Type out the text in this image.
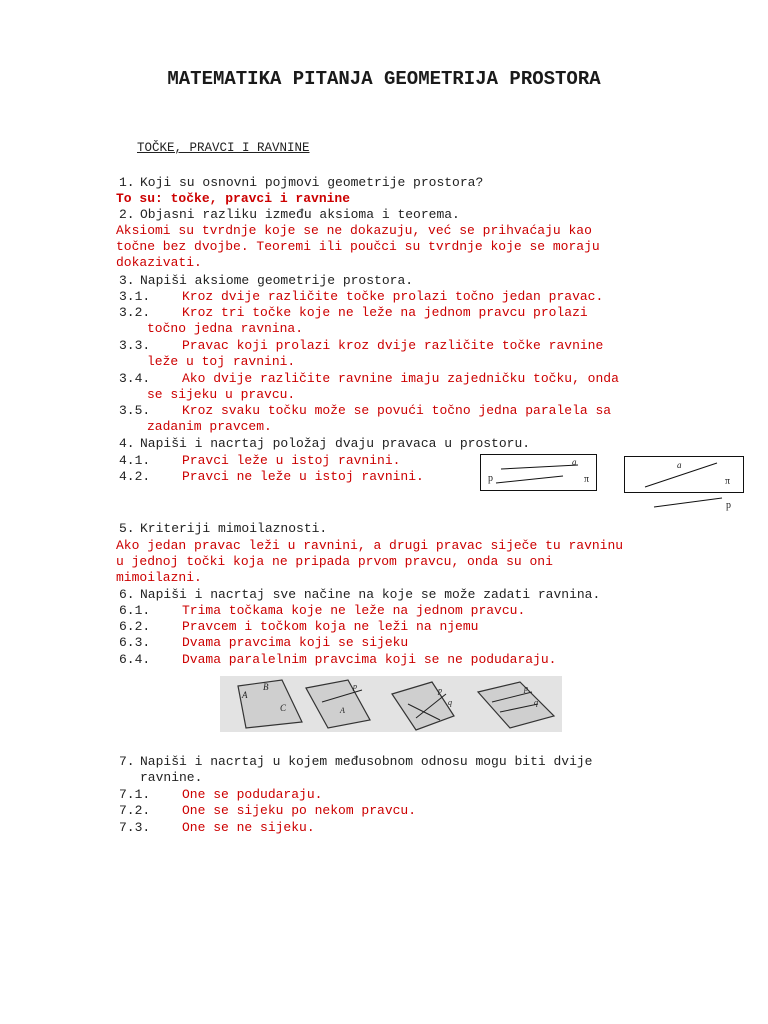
MATEMATIKA PITANJA GEOMETRIJA PROSTORA
TOČKE, PRAVCI I RAVNINE
1. Koji su osnovni pojmovi geometrije prostora?
To su: točke, pravci i ravnine
2. Objasni razliku između aksioma i teorema.
Aksiomi su tvrdnje koje se ne dokazuju, već se prihvaćaju kao
točne bez dvojbe. Teoremi ili poučci su tvrdnje koje se moraju
dokazivati.
3. Napiši aksiome geometrije prostora.
3.1. Kroz dvije različite točke prolazi točno jedan pravac.
3.2. Kroz tri točke koje ne leže na jednom pravcu prolazi
točno jedna ravnina.
3.3. Pravac koji prolazi kroz dvije različite točke ravnine
leže u toj ravnini.
3.4. Ako dvije različite ravnine imaju zajedničku točku, onda
se sijeku u pravcu.
3.5. Kroz svaku točku može se povući točno jedna paralela sa
zadanim pravcem.
4. Napiši i nacrtaj položaj dvaju pravaca u prostoru.
4.1. Pravci leže u istoj ravnini.
4.2. Pravci ne leže u istoj ravnini.
a
p	π
a
π
p
5. Kriteriji mimoilaznosti.
Ako jedan pravac leži u ravnini, a drugi pravac siječe tu ravninu
u jednoj točki koja ne pripada prvom pravcu, onda su oni
mimoilazni.
6. Napiši i nacrtaj sve načine na koje se može zadati ravnina.
6.1. Trima točkama koje ne leže na jednom pravcu.
6.2. Pravcem i točkom koja ne leži na njemu
6.3. Dvama pravcima koji se sijeku
6.4. Dvama paralelnim pravcima koji se ne podudaraju.
A
B
C
p
A
p
q
p
q
7. Napiši i nacrtaj u kojem međusobnom odnosu mogu biti dvije
ravnine.
7.1. One se podudaraju.
7.2. One se sijeku po nekom pravcu.
7.3. One se ne sijeku.
